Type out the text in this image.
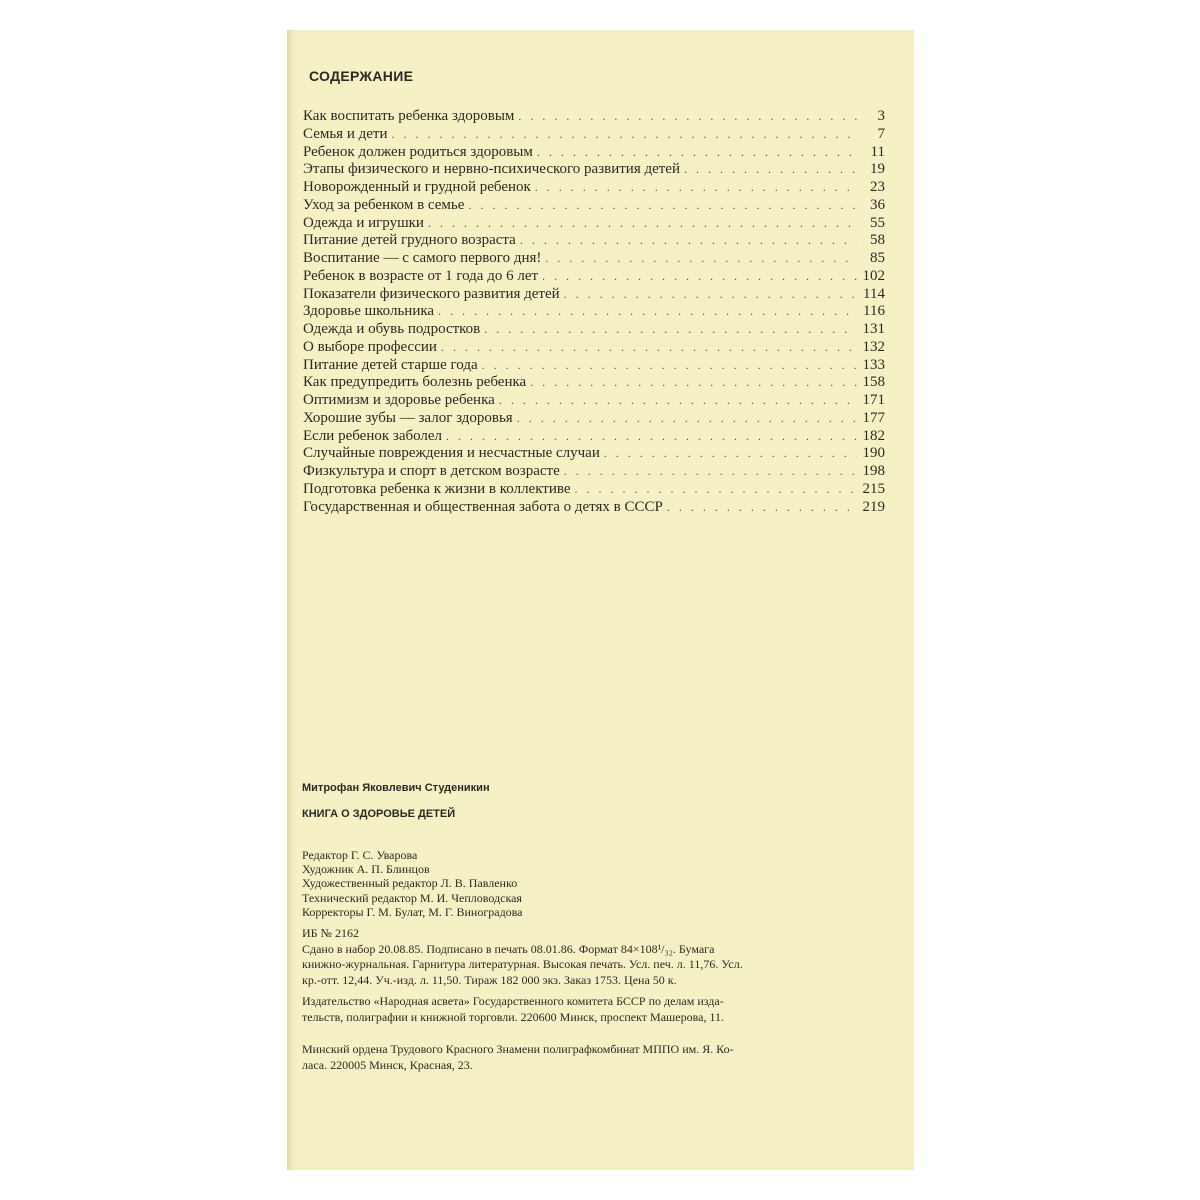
СОДЕРЖАНИЕ
Как воспитать ребенка здоровым . . .	3
Семья и дети . . .	7
Ребенок должен родиться здоровым . . .	11
Этапы физического и нервно-психического развития детей . . .	19
Новорожденный и грудной ребенок . . .	23
Уход за ребенком в семье . . .	36
Одежда и игрушки . . .	55
Питание детей грудного возраста . . .	58
Воспитание — с самого первого дня! . . .	85
Ребенок в возрасте от 1 года до 6 лет . . .	102
Показатели физического развития детей . . .	114
Здоровье школьника . . .	116
Одежда и обувь подростков . . .	131
О выборе профессии . . .	132
Питание детей старше года . . .	133
Как предупредить болезнь ребенка . . .	158
Оптимизм и здоровье ребенка . . .	171
Хорошие зубы — залог здоровья . . .	177
Если ребенок заболел . . .	182
Случайные повреждения и несчастные случаи . . .	190
Физкультура и спорт в детском возрасте . . .	198
Подготовка ребенка к жизни в коллективе . . .	215
Государственная и общественная забота о детях в СССР . . .	219

Митрофан Яковлевич Студеникин

КНИГА О ЗДОРОВЬЕ ДЕТЕЙ

Редактор Г. С. Уварова
Художник А. П. Блинцов
Художественный редактор Л. В. Павленко
Технический редактор М. И. Чепловодская
Корректоры Г. М. Булат, М. Г. Виноградова

ИБ № 2162

Сдано в набор 20.08.85. Подписано в печать 08.01.86. Формат 84×108¹/₃₂. Бумага

книжно-журнальная. Гарнитура литературная. Высокая печать. Усл. печ. л. 11,76. Усл.

кр.-отт. 12,44. Уч.-изд. л. 11,50. Тираж 182 000 экз. Заказ 1753. Цена 50 к.

Издательство «Народная асвета» Государственного комитета БССР по делам изда-

тельств, полиграфии и книжной торговли. 220600 Минск, проспект Машерова, 11.

Минский ордена Трудового Красного Знамени полиграфкомбинат МППО им. Я. Ко-

ласа. 220005 Минск, Красная, 23.
